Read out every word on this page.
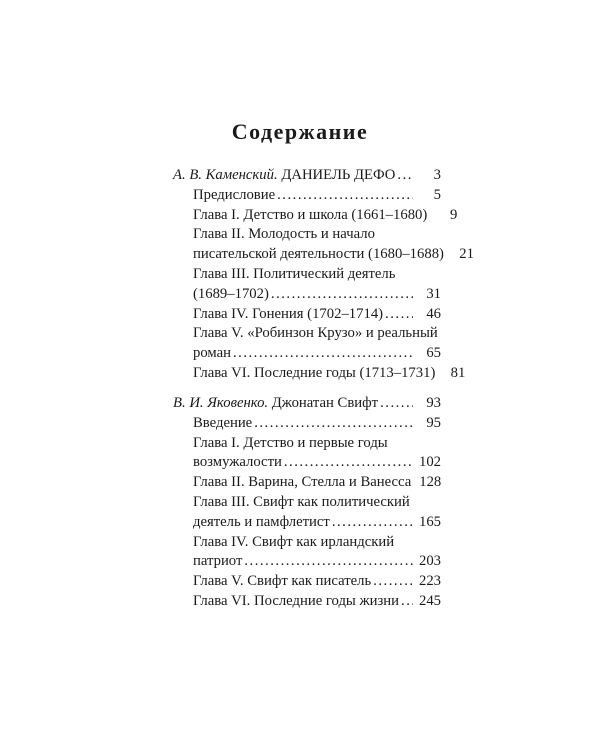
Содержание
А. В. Каменский. ДАНИЕЛЬ ДЕФО .....	3
Предисловие .....	5
Глава I. Детство и школа (1661–1680)	9
Глава II. Молодость и начало
писательской деятельности (1680–1688)	21
Глава III. Политический деятель
(1689–1702) .....	31
Глава IV. Гонения (1702–1714) .....	46
Глава V. «Робинзон Крузо» и реальный
роман .....	65
Глава VI. Последние годы (1713–1731)	81
В. И. Яковенко. Джонатан Свифт .....	93
Введение .....	95
Глава I. Детство и первые годы
возмужалости .....	102
Глава II. Варина, Стелла и Ванесса 128
Глава III. Свифт как политический
деятель и памфлетист .....	165
Глава IV. Свифт как ирландский
патриот .....	203
Глава V. Свифт как писатель .....	223
Глава VI. Последние годы жизни ..... 245
